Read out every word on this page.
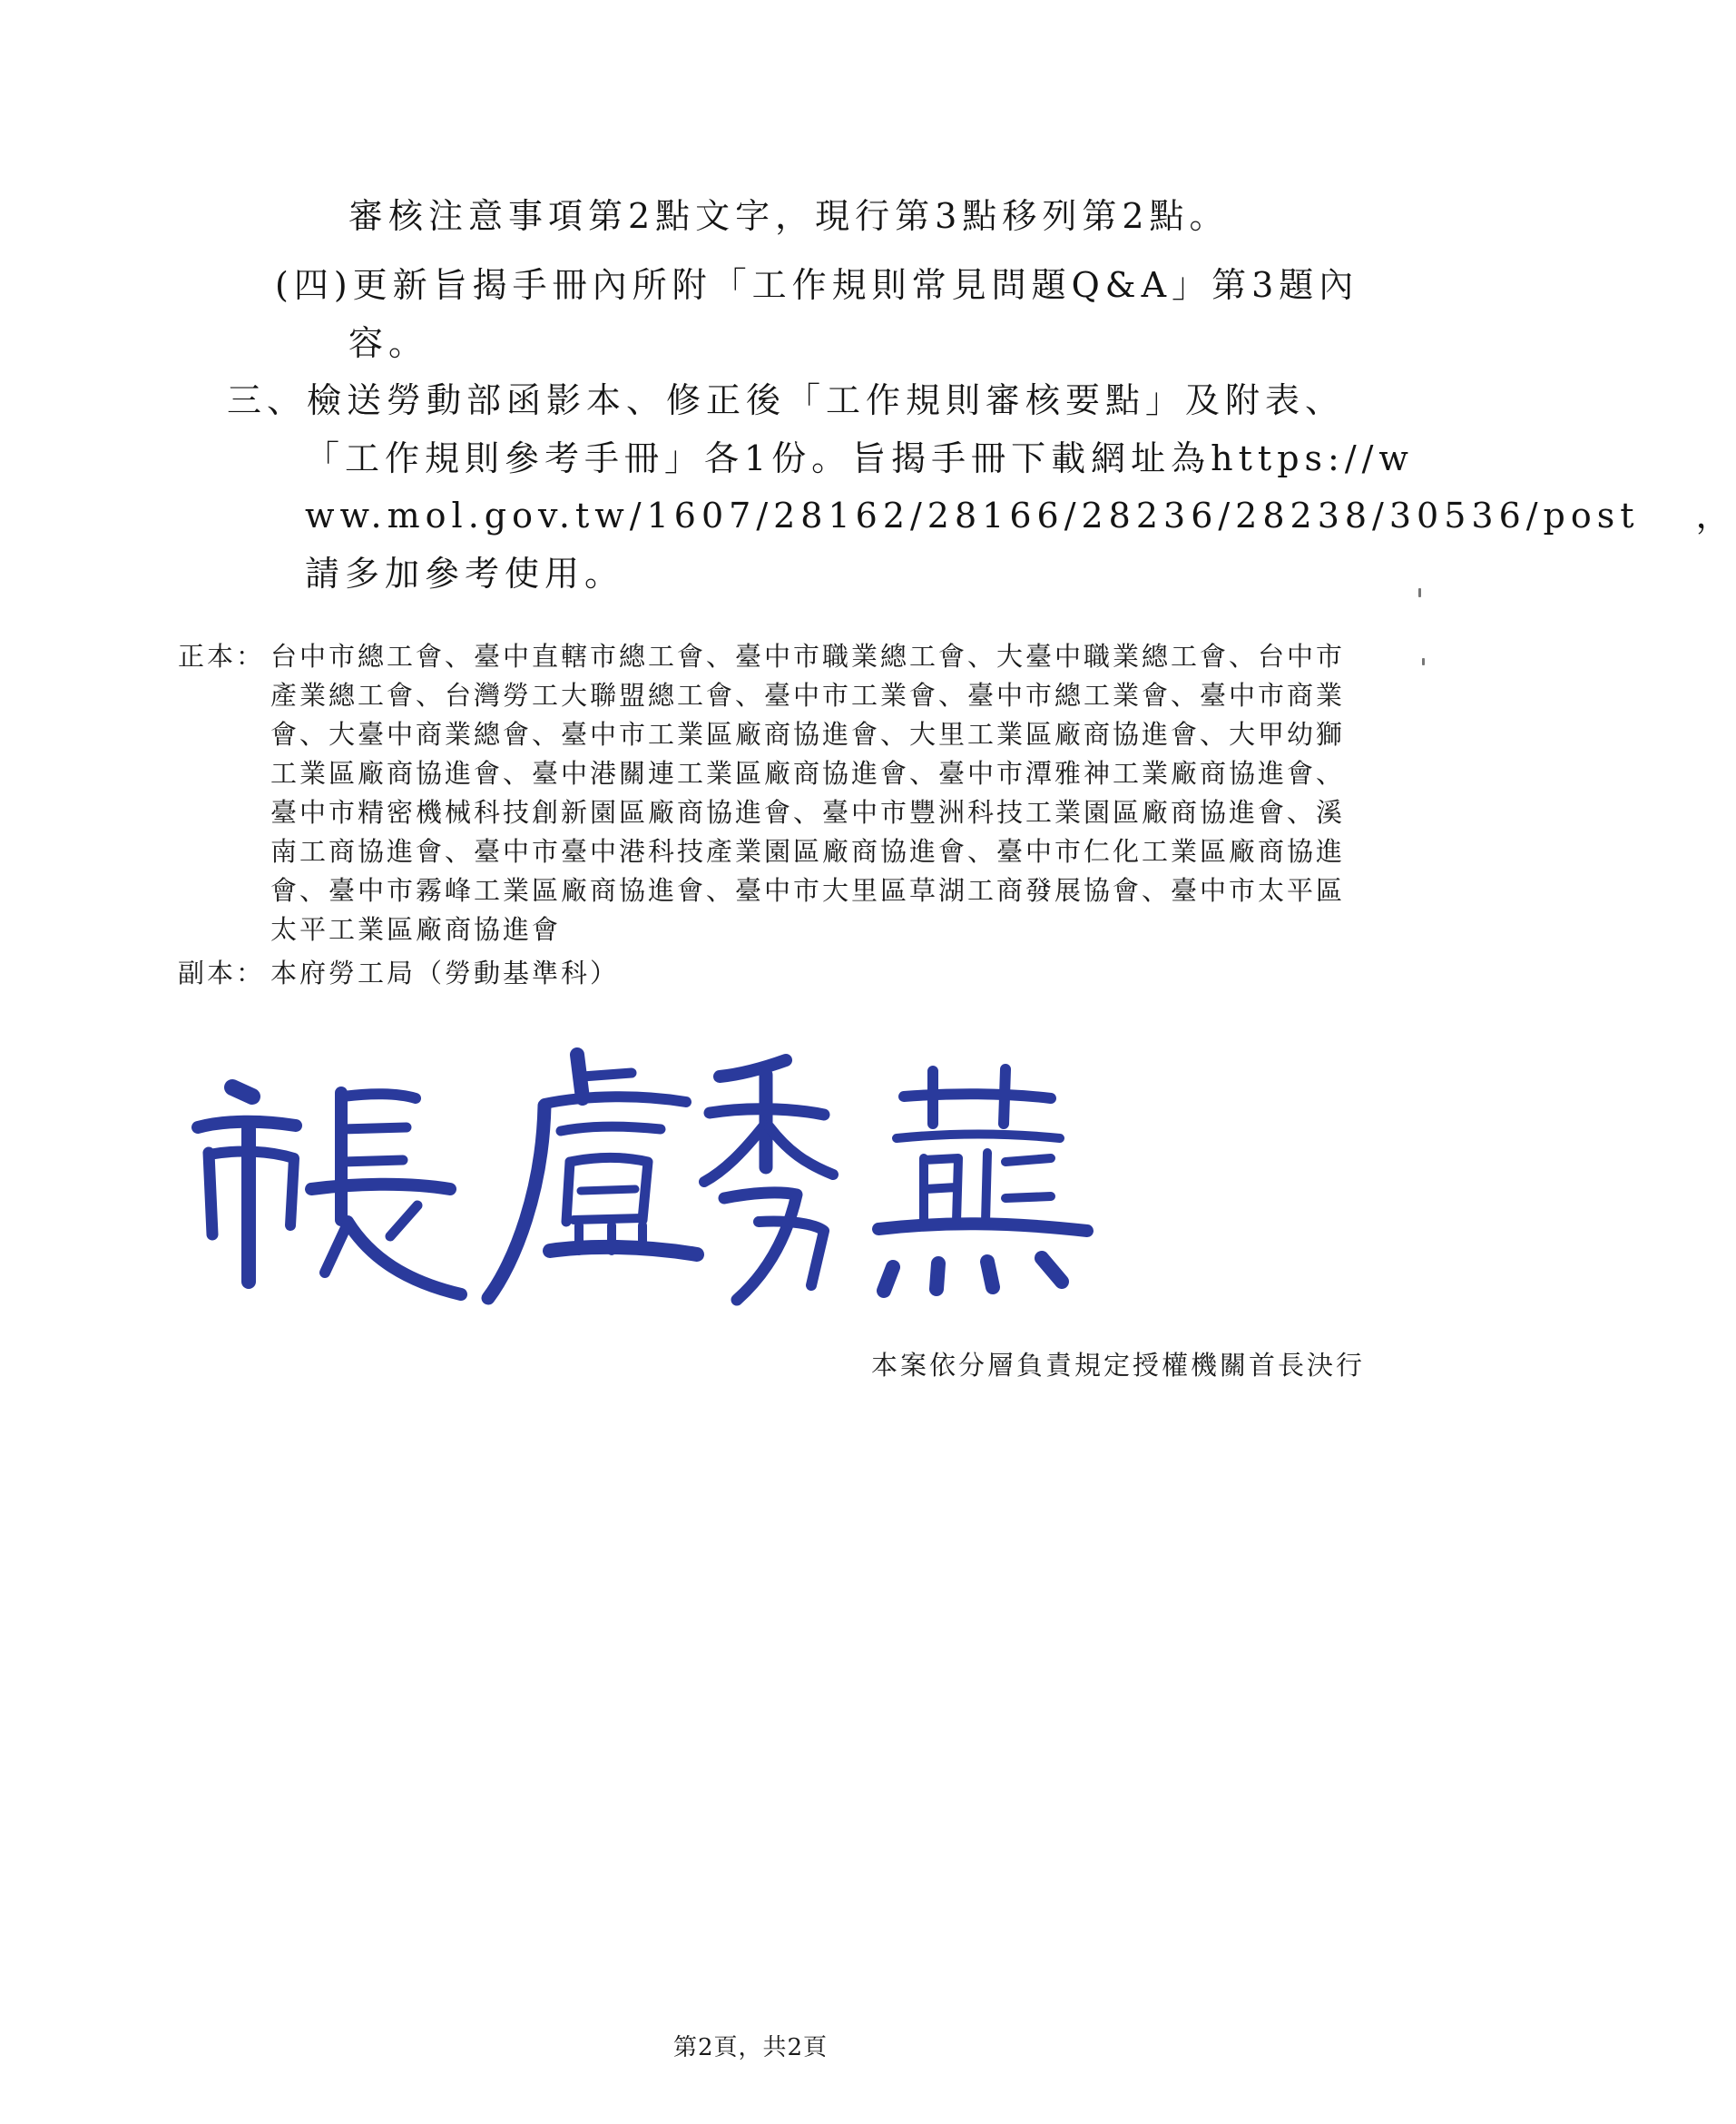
審核注意事項第2點文字，現行第3點移列第2點。
(四)更新旨揭手冊內所附「工作規則常見問題Q&A」第3題內
容。
三、檢送勞動部函影本、修正後「工作規則審核要點」及附表、
「工作規則參考手冊」各1份。旨揭手冊下載網址為https://w
ww.mol.gov.tw/1607/28162/28166/28236/28238/30536/post　 ，
請多加參考使用。
正本： 台中市總工會、臺中直轄市總工會、臺中市職業總工會、大臺中職業總工會、台中市產業總工會、台灣勞工大聯盟總工會、臺中市工業會、臺中市總工業會、臺中市商業會、大臺中商業總會、臺中市工業區廠商協進會、大里工業區廠商協進會、大甲幼獅工業區廠商協進會、臺中港關連工業區廠商協進會、臺中市潭雅神工業廠商協進會、臺中市精密機械科技創新園區廠商協進會、臺中市豐洲科技工業園區廠商協進會、溪南工商協進會、臺中市臺中港科技產業園區廠商協進會、臺中市仁化工業區廠商協進會、臺中市霧峰工業區廠商協進會、臺中市大里區草湖工商發展協會、臺中市太平區太平工業區廠商協進會
副本： 本府勞工局（勞動基準科）
本案依分層負責規定授權機關首長決行
第2頁，共2頁
